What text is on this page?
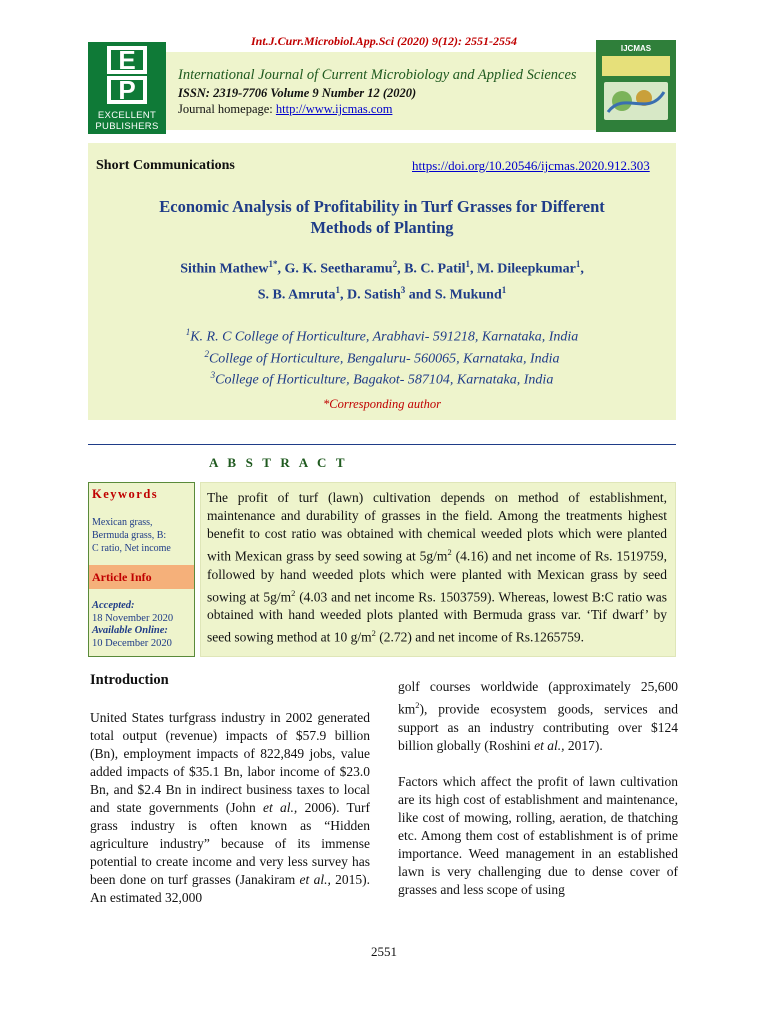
Int.J.Curr.Microbiol.App.Sci (2020) 9(12): 2551-2554
E
P
EXCELLENT
PUBLISHERS
International Journal of Current Microbiology and Applied Sciences
ISSN: 2319-7706 Volume 9 Number 12 (2020)
Journal homepage: http://www.ijcmas.com
IJCMAS
Short Communications	https://doi.org/10.20546/ijcmas.2020.912.303
Economic Analysis of Profitability in Turf Grasses for Different
Methods of Planting
Sithin Mathew$^{1*}$, G. K. Seetharamu$^2$, B. C. Patil$^1$, M. Dileepkumar$^1$,
S. B. Amruta$^1$, D. Satish$^3$ and S. Mukund$^1$
$^1$K. R. C College of Horticulture, Arabhavi- 591218, Karnataka, India
$^2$College of Horticulture, Bengaluru- 560065, Karnataka, India
$^3$College of Horticulture, Bagakot- 587104, Karnataka, India
*Corresponding author
A B S T R A C T
Keywords
Mexican grass,
Bermuda grass, B:
C ratio, Net income
Article Info
Accepted:
18 November 2020
Available Online:
10 December 2020
The profit of turf (lawn) cultivation depends on method of establishment, maintenance and durability of grasses in the field. Among the treatments highest benefit to cost ratio was obtained with chemical weeded plots which were planted with Mexican grass by seed sowing at $5g/m^2$ (4.16) and net income of Rs. 1519759, followed by hand weeded plots which were planted with Mexican grass by seed sowing at $5g/m^2$ (4.03 and net income Rs. 1503759). Whereas, lowest B:C ratio was obtained with hand weeded plots planted with Bermuda grass var. ‘Tif dwarf’ by seed sowing method at 10 $g/m^2$ (2.72) and net income of Rs.1265759.
Introduction

United States turfgrass industry in 2002 generated total output (revenue) impacts of $57.9 billion (Bn), employment impacts of 822,849 jobs, value added impacts of $35.1 Bn, labor income of $23.0 Bn, and $2.4 Bn in indirect business taxes to local and state governments (John et al., 2006). Turf grass industry is often known as “Hidden agriculture industry” because of its immense potential to create income and very less survey has been done on turf grasses (Janakiram et al., 2015). An estimated 32,000

golf courses worldwide (approximately 25,600 $km^2$), provide ecosystem goods, services and support as an industry contributing over $124 billion globally (Roshini et al., 2017).

Factors which affect the profit of lawn cultivation are its high cost of establishment and maintenance, like cost of mowing, rolling, aeration, de thatching etc. Among them cost of establishment is of prime importance. Weed management in an established lawn is very challenging due to dense cover of grasses and less scope of using

2551
